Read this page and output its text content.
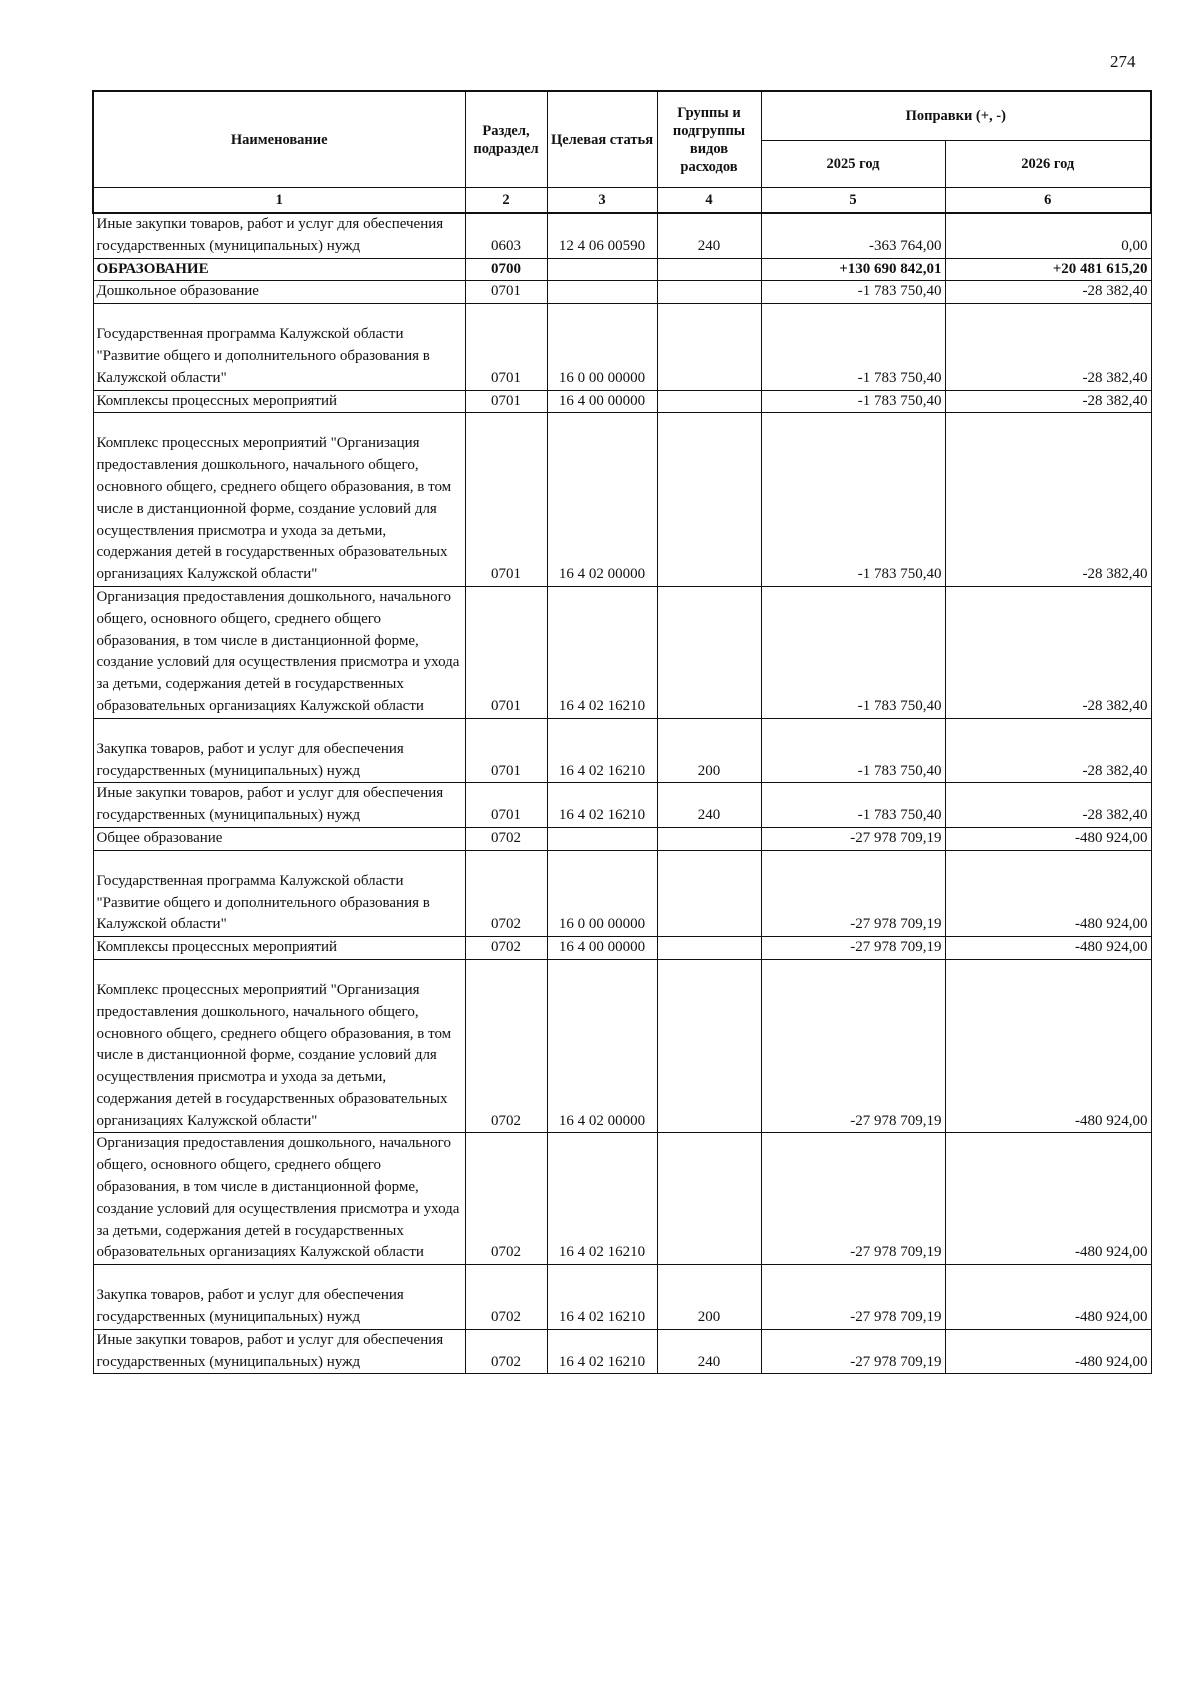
274
Наименование	Раздел, подраздел	Целевая статья	Группы и подгруппы видов расходов	Поправки (+, -)	
				2025 год	2026 год
1	2	3	4	5	6
Иные закупки товаров, работ и услуг для обеспечения государственных (муниципальных) нужд	0603	12 4 06 00590	240	-363 764,00	0,00
ОБРАЗОВАНИЕ	0700			+130 690 842,01	+20 481 615,20
Дошкольное образование	0701			-1 783 750,40	-28 382,40
Государственная программа Калужской области "Развитие общего и дополнительного образования в Калужской области"	0701	16 0 00 00000		-1 783 750,40	-28 382,40
Комплексы процессных мероприятий	0701	16 4 00 00000		-1 783 750,40	-28 382,40
Комплекс процессных мероприятий "Организация предоставления дошкольного, начального общего, основного общего, среднего общего образования, в том числе в дистанционной форме, создание условий для осуществления присмотра и ухода за детьми, содержания детей в государственных образовательных организациях Калужской области"	0701	16 4 02 00000		-1 783 750,40	-28 382,40
Организация предоставления дошкольного, начального общего, основного общего, среднего общего образования, в том числе в дистанционной форме, создание условий для осуществления присмотра и ухода за детьми, содержания детей в государственных образовательных организациях Калужской области	0701	16 4 02 16210		-1 783 750,40	-28 382,40
Закупка товаров, работ и услуг для обеспечения государственных (муниципальных) нужд	0701	16 4 02 16210	200	-1 783 750,40	-28 382,40
Иные закупки товаров, работ и услуг для обеспечения государственных (муниципальных) нужд	0701	16 4 02 16210	240	-1 783 750,40	-28 382,40
Общее образование	0702			-27 978 709,19	-480 924,00
Государственная программа Калужской области "Развитие общего и дополнительного образования в Калужской области"	0702	16 0 00 00000		-27 978 709,19	-480 924,00
Комплексы процессных мероприятий	0702	16 4 00 00000		-27 978 709,19	-480 924,00
Комплекс процессных мероприятий "Организация предоставления дошкольного, начального общего, основного общего, среднего общего образования, в том числе в дистанционной форме, создание условий для осуществления присмотра и ухода за детьми, содержания детей в государственных образовательных организациях Калужской области"	0702	16 4 02 00000		-27 978 709,19	-480 924,00
Организация предоставления дошкольного, начального общего, основного общего, среднего общего образования, в том числе в дистанционной форме, создание условий для осуществления присмотра и ухода за детьми, содержания детей в государственных образовательных организациях Калужской области	0702	16 4 02 16210		-27 978 709,19	-480 924,00
Закупка товаров, работ и услуг для обеспечения государственных (муниципальных) нужд	0702	16 4 02 16210	200	-27 978 709,19	-480 924,00
Иные закупки товаров, работ и услуг для обеспечения государственных (муниципальных) нужд	0702	16 4 02 16210	240	-27 978 709,19	-480 924,00
